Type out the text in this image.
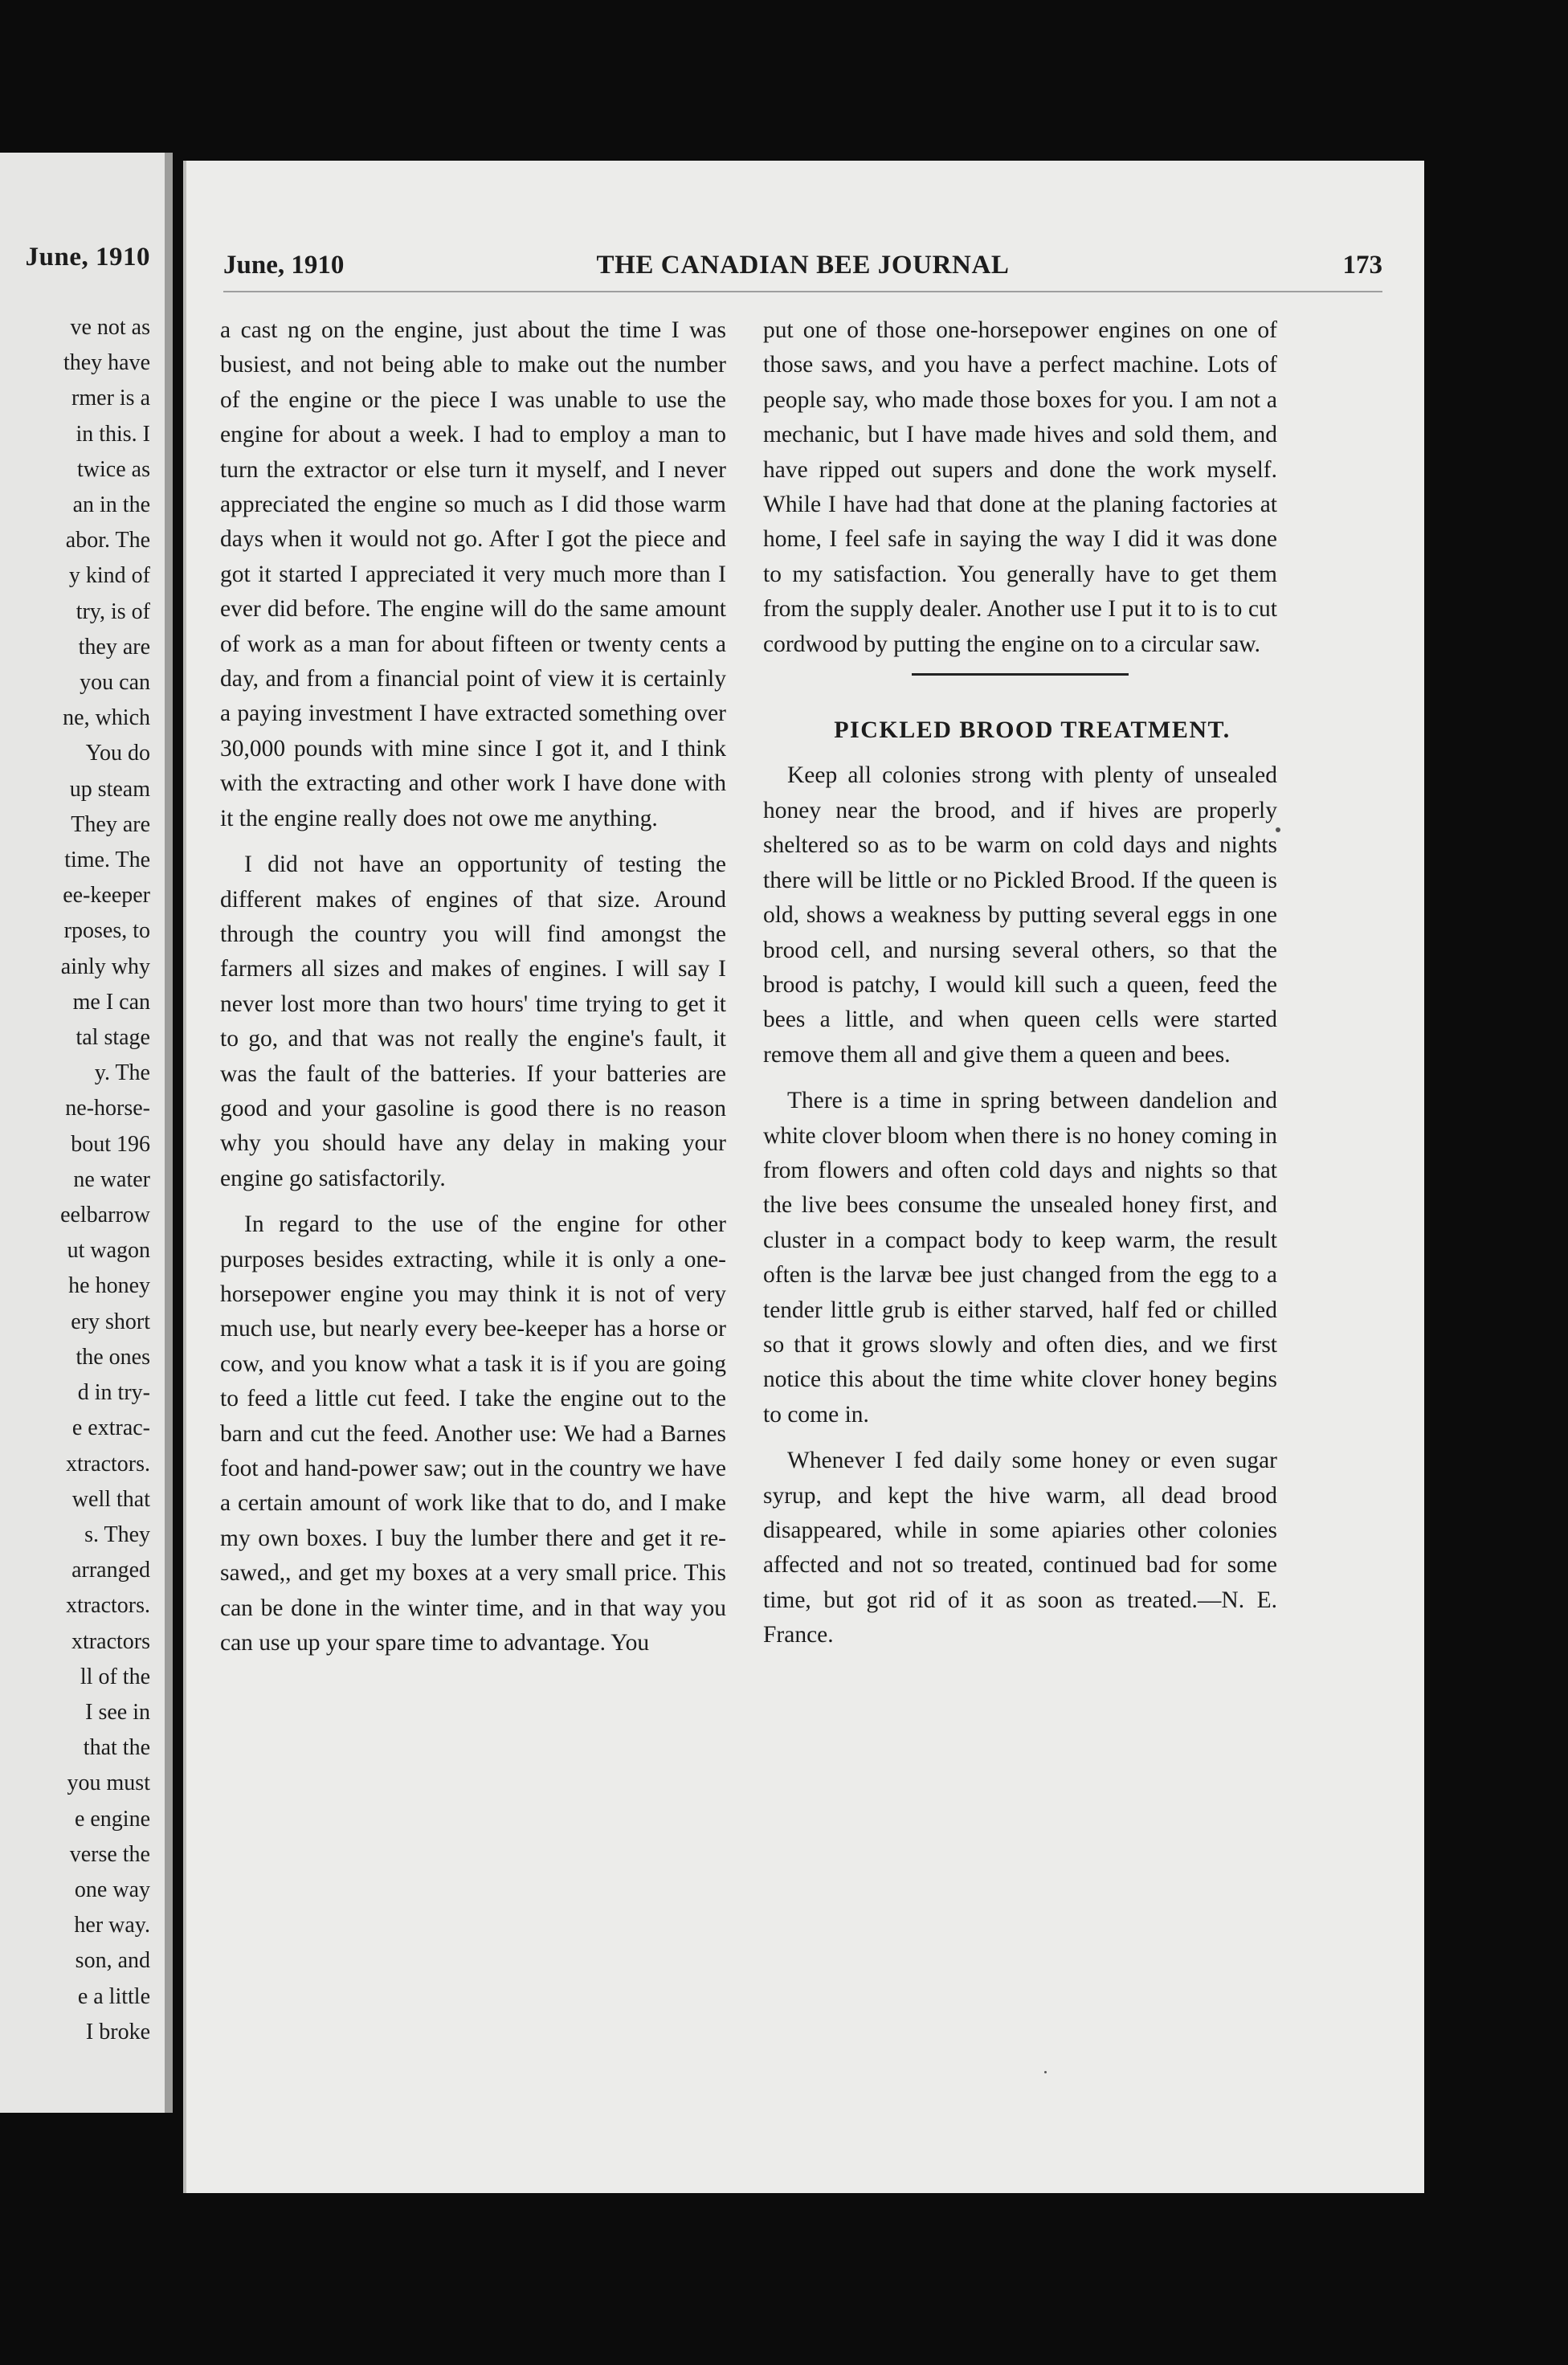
June, 1910
ve not as
they have
rmer is a
in this. I
twice as
an in the
abor. The
y kind of
try, is of
they are
you can
ne, which
You do
up steam
They are
time. The
ee-keeper
rposes, to
ainly why
me I can
tal stage
y. The
ne-horse-
bout 196
ne water
eelbarrow
ut wagon
he honey
ery short
the ones
d in try-
e extrac-
xtractors.
well that
s. They
arranged
xtractors.
xtractors
ll of the
I see in
that the
you must
e engine
verse the
one way
her way.
son, and
e a little
I broke
June, 1910	THE CANADIAN BEE JOURNAL	173

a cast ng on the engine, just about the time I was busiest, and not being able to make out the number of the engine or the piece I was unable to use the engine for about a week. I had to employ a man to turn the extractor or else turn it myself, and I never appreciated the engine so much as I did those warm days when it would not go. After I got the piece and got it started I appreciated it very much more than I ever did before. The engine will do the same amount of work as a man for about fifteen or twenty cents a day, and from a financial point of view it is certainly a paying investment I have extracted something over 30,000 pounds with mine since I got it, and I think with the extracting and other work I have done with it the engine really does not owe me anything.

I did not have an opportunity of testing the different makes of engines of that size. Around through the country you will find amongst the farmers all sizes and makes of engines. I will say I never lost more than two hours' time trying to get it to go, and that was not really the engine's fault, it was the fault of the batteries. If your batteries are good and your gasoline is good there is no reason why you should have any delay in making your engine go satisfactorily.

In regard to the use of the engine for other purposes besides extracting, while it is only a one-horsepower engine you may think it is not of very much use, but nearly every bee-keeper has a horse or cow, and you know what a task it is if you are going to feed a little cut feed. I take the engine out to the barn and cut the feed. Another use: We had a Barnes foot and hand-power saw; out in the country we have a certain amount of work like that to do, and I make my own boxes. I buy the lumber there and get it re-sawed,, and get my boxes at a very small price. This can be done in the winter time, and in that way you can use up your spare time to advantage. You

put one of those one-horsepower engines on one of those saws, and you have a perfect machine. Lots of people say, who made those boxes for you. I am not a mechanic, but I have made hives and sold them, and have ripped out supers and done the work myself. While I have had that done at the planing factories at home, I feel safe in saying the way I did it was done to my satisfaction. You generally have to get them from the supply dealer. Another use I put it to is to cut cordwood by putting the engine on to a circular saw.

PICKLED BROOD TREATMENT.

Keep all colonies strong with plenty of unsealed honey near the brood, and if hives are properly sheltered so as to be warm on cold days and nights there will be little or no Pickled Brood. If the queen is old, shows a weakness by putting several eggs in one brood cell, and nursing several others, so that the brood is patchy, I would kill such a queen, feed the bees a little, and when queen cells were started remove them all and give them a queen and bees.

There is a time in spring between dandelion and white clover bloom when there is no honey coming in from flowers and often cold days and nights so that the live bees consume the unsealed honey first, and cluster in a compact body to keep warm, the result often is the larvæ bee just changed from the egg to a tender little grub is either starved, half fed or chilled so that it grows slowly and often dies, and we first notice this about the time white clover honey begins to come in.

Whenever I fed daily some honey or even sugar syrup, and kept the hive warm, all dead brood disappeared, while in some apiaries other colonies affected and not so treated, continued bad for some time, but got rid of it as soon as treated.—N. E. France.
